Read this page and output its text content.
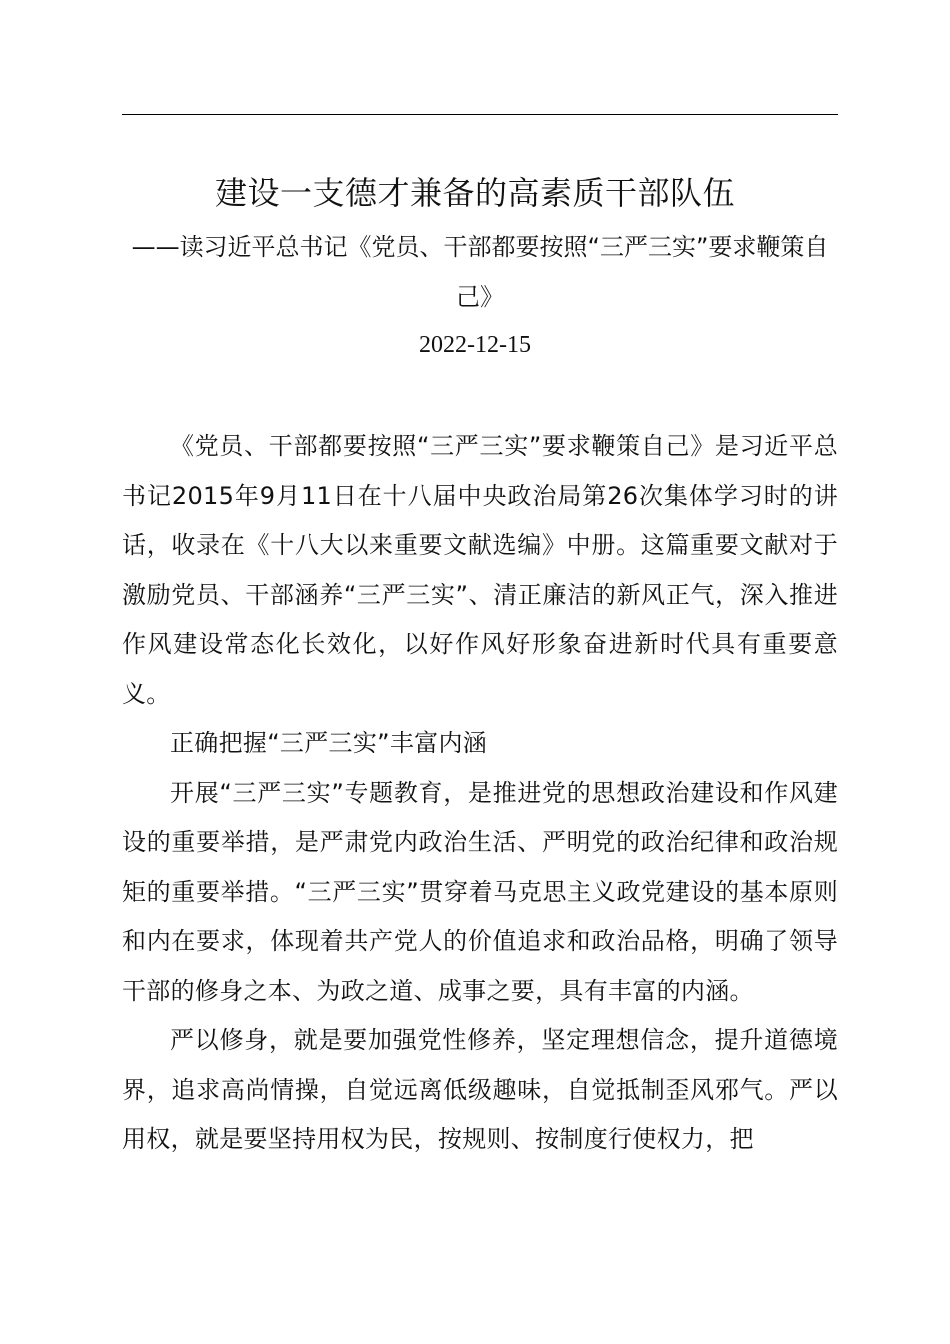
建设一支德才兼备的高素质干部队伍

——读习近平总书记《党员、干部都要按照“三严三实”要求鞭策自己》

2022-12-15

《党员、干部都要按照“三严三实”要求鞭策自己》是习近平总书记2015年9月11日在十八届中央政治局第26次集体学习时的讲话，收录在《十八大以来重要文献选编》中册。这篇重要文献对于激励党员、干部涵养“三严三实”、清正廉洁的新风正气，深入推进作风建设常态化长效化，以好作风好形象奋进新时代具有重要意义。

正确把握“三严三实”丰富内涵

开展“三严三实”专题教育，是推进党的思想政治建设和作风建设的重要举措，是严肃党内政治生活、严明党的政治纪律和政治规矩的重要举措。“三严三实”贯穿着马克思主义政党建设的基本原则和内在要求，体现着共产党人的价值追求和政治品格，明确了领导干部的修身之本、为政之道、成事之要，具有丰富的内涵。

严以修身，就是要加强党性修养，坚定理想信念，提升道德境界，追求高尚情操，自觉远离低级趣味，自觉抵制歪风邪气。严以用权，就是要坚持用权为民，按规则、按制度行使权力，把
